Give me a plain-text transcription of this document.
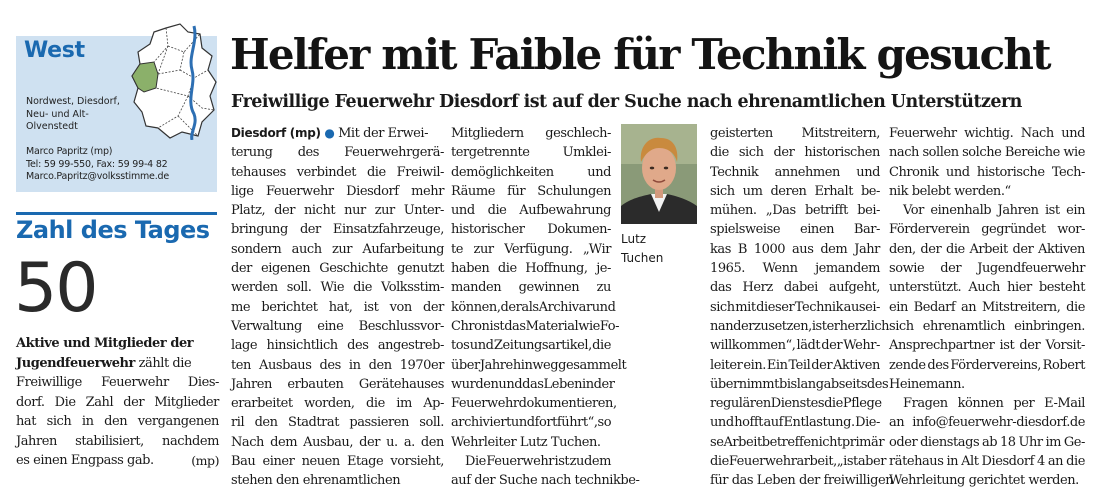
West
Nordwest, Diesdorf,
Neu- und Alt-
Olvenstedt
Marco Papritz (mp)
Tel: 59 99-550, Fax: 59 99-4 82
Marco.Papritz@volksstimme.de
Zahl des Tages
50
Aktive und Mitglieder der
Jugendfeuerwehr zählt die
Freiwillige Feuerwehr Dies-
dorf. Die Zahl der Mitglieder
hat sich in den vergangenen
Jahren stabilisiert, nachdem
es einen Engpass gab.	(mp)
Helfer mit Faible für Technik gesucht
Freiwillige Feuerwehr Diesdorf ist auf der Suche nach ehrenamtlichen Unterstützern
Diesdorf (mp) ● Mit der Erwei-
terung des Feuerwehrgerä-
tehauses verbindet die Freiwil-
lige Feuerwehr Diesdorf mehr
Platz, der nicht nur zur Unter-
bringung der Einsatzfahrzeuge,
sondern auch zur Aufarbeitung
der eigenen Geschichte genutzt
werden soll. Wie die Volksstim-
me berichtet hat, ist von der
Verwaltung eine Beschlussvor-
lage hinsichtlich des angestreb-
ten Ausbaus des in den 1970er
Jahren erbauten Gerätehauses
erarbeitet worden, die im Ap-
ril den Stadtrat passieren soll.
Nach dem Ausbau, der u. a. den
Bau einer neuen Etage vorsieht,
stehen den ehrenamtlichen
Mitgliedern geschlech-
tergetrennte	Umklei-
demöglichkeiten	und
Räume für Schulungen
und die Aufbewahrung
historischer Dokumen-
te zur Verfügung. „Wir
haben die Hoffnung, je-
manden gewinnen zu
können, der als Archivar und
Chronist das Material wie Fo-
tos und Zeitungsartikel, die
über Jahre hinweg gesammelt
wurden und das Leben in der
Feuerwehr dokumentieren,
archiviert und fortführt“, so
Wehrleiter Lutz Tuchen.
Die Feuerwehr ist zudem
auf der Suche nach technikbe-
Lutz
Tuchen
geisterten Mitstreitern,
die sich der historischen
Technik annehmen und
sich um deren Erhalt be-
mühen. „Das betrifft bei-
spielsweise einen Bar-
kas B 1000 aus dem Jahr
1965. Wenn jemandem
das Herz dabei aufgeht,
sich mit dieser Technik ausei-
nanderzusetzen, ist er herzlich
willkommen“, lädt der Wehr-
leiter ein. Ein Teil der Aktiven
übernimmt bislang abseits des
regulären Dienstes die Pflege
und hofft auf Entlastung. Die-
se Arbeit betreffe nicht primär
die Feuerwehrarbeit, „ist aber
für das Leben der freiwilligen
Feuerwehr wichtig. Nach und
nach sollen solche Bereiche wie
Chronik und historische Tech-
nik belebt werden.“
Vor einenhalb Jahren ist ein
Förderverein gegründet wor-
den, der die Arbeit der Aktiven
sowie der Jugendfeuerwehr
unterstützt. Auch hier besteht
ein Bedarf an Mitstreitern, die
sich ehrenamtlich einbringen.
Ansprechpartner ist der Vorsit-
zende des Fördervereins, Robert
Heinemann.
Fragen können per E-Mail
an info@feuerwehr-diesdorf.de
oder dienstags ab 18 Uhr im Ge-
rätehaus in Alt Diesdorf 4 an die
Wehrleitung gerichtet werden.
